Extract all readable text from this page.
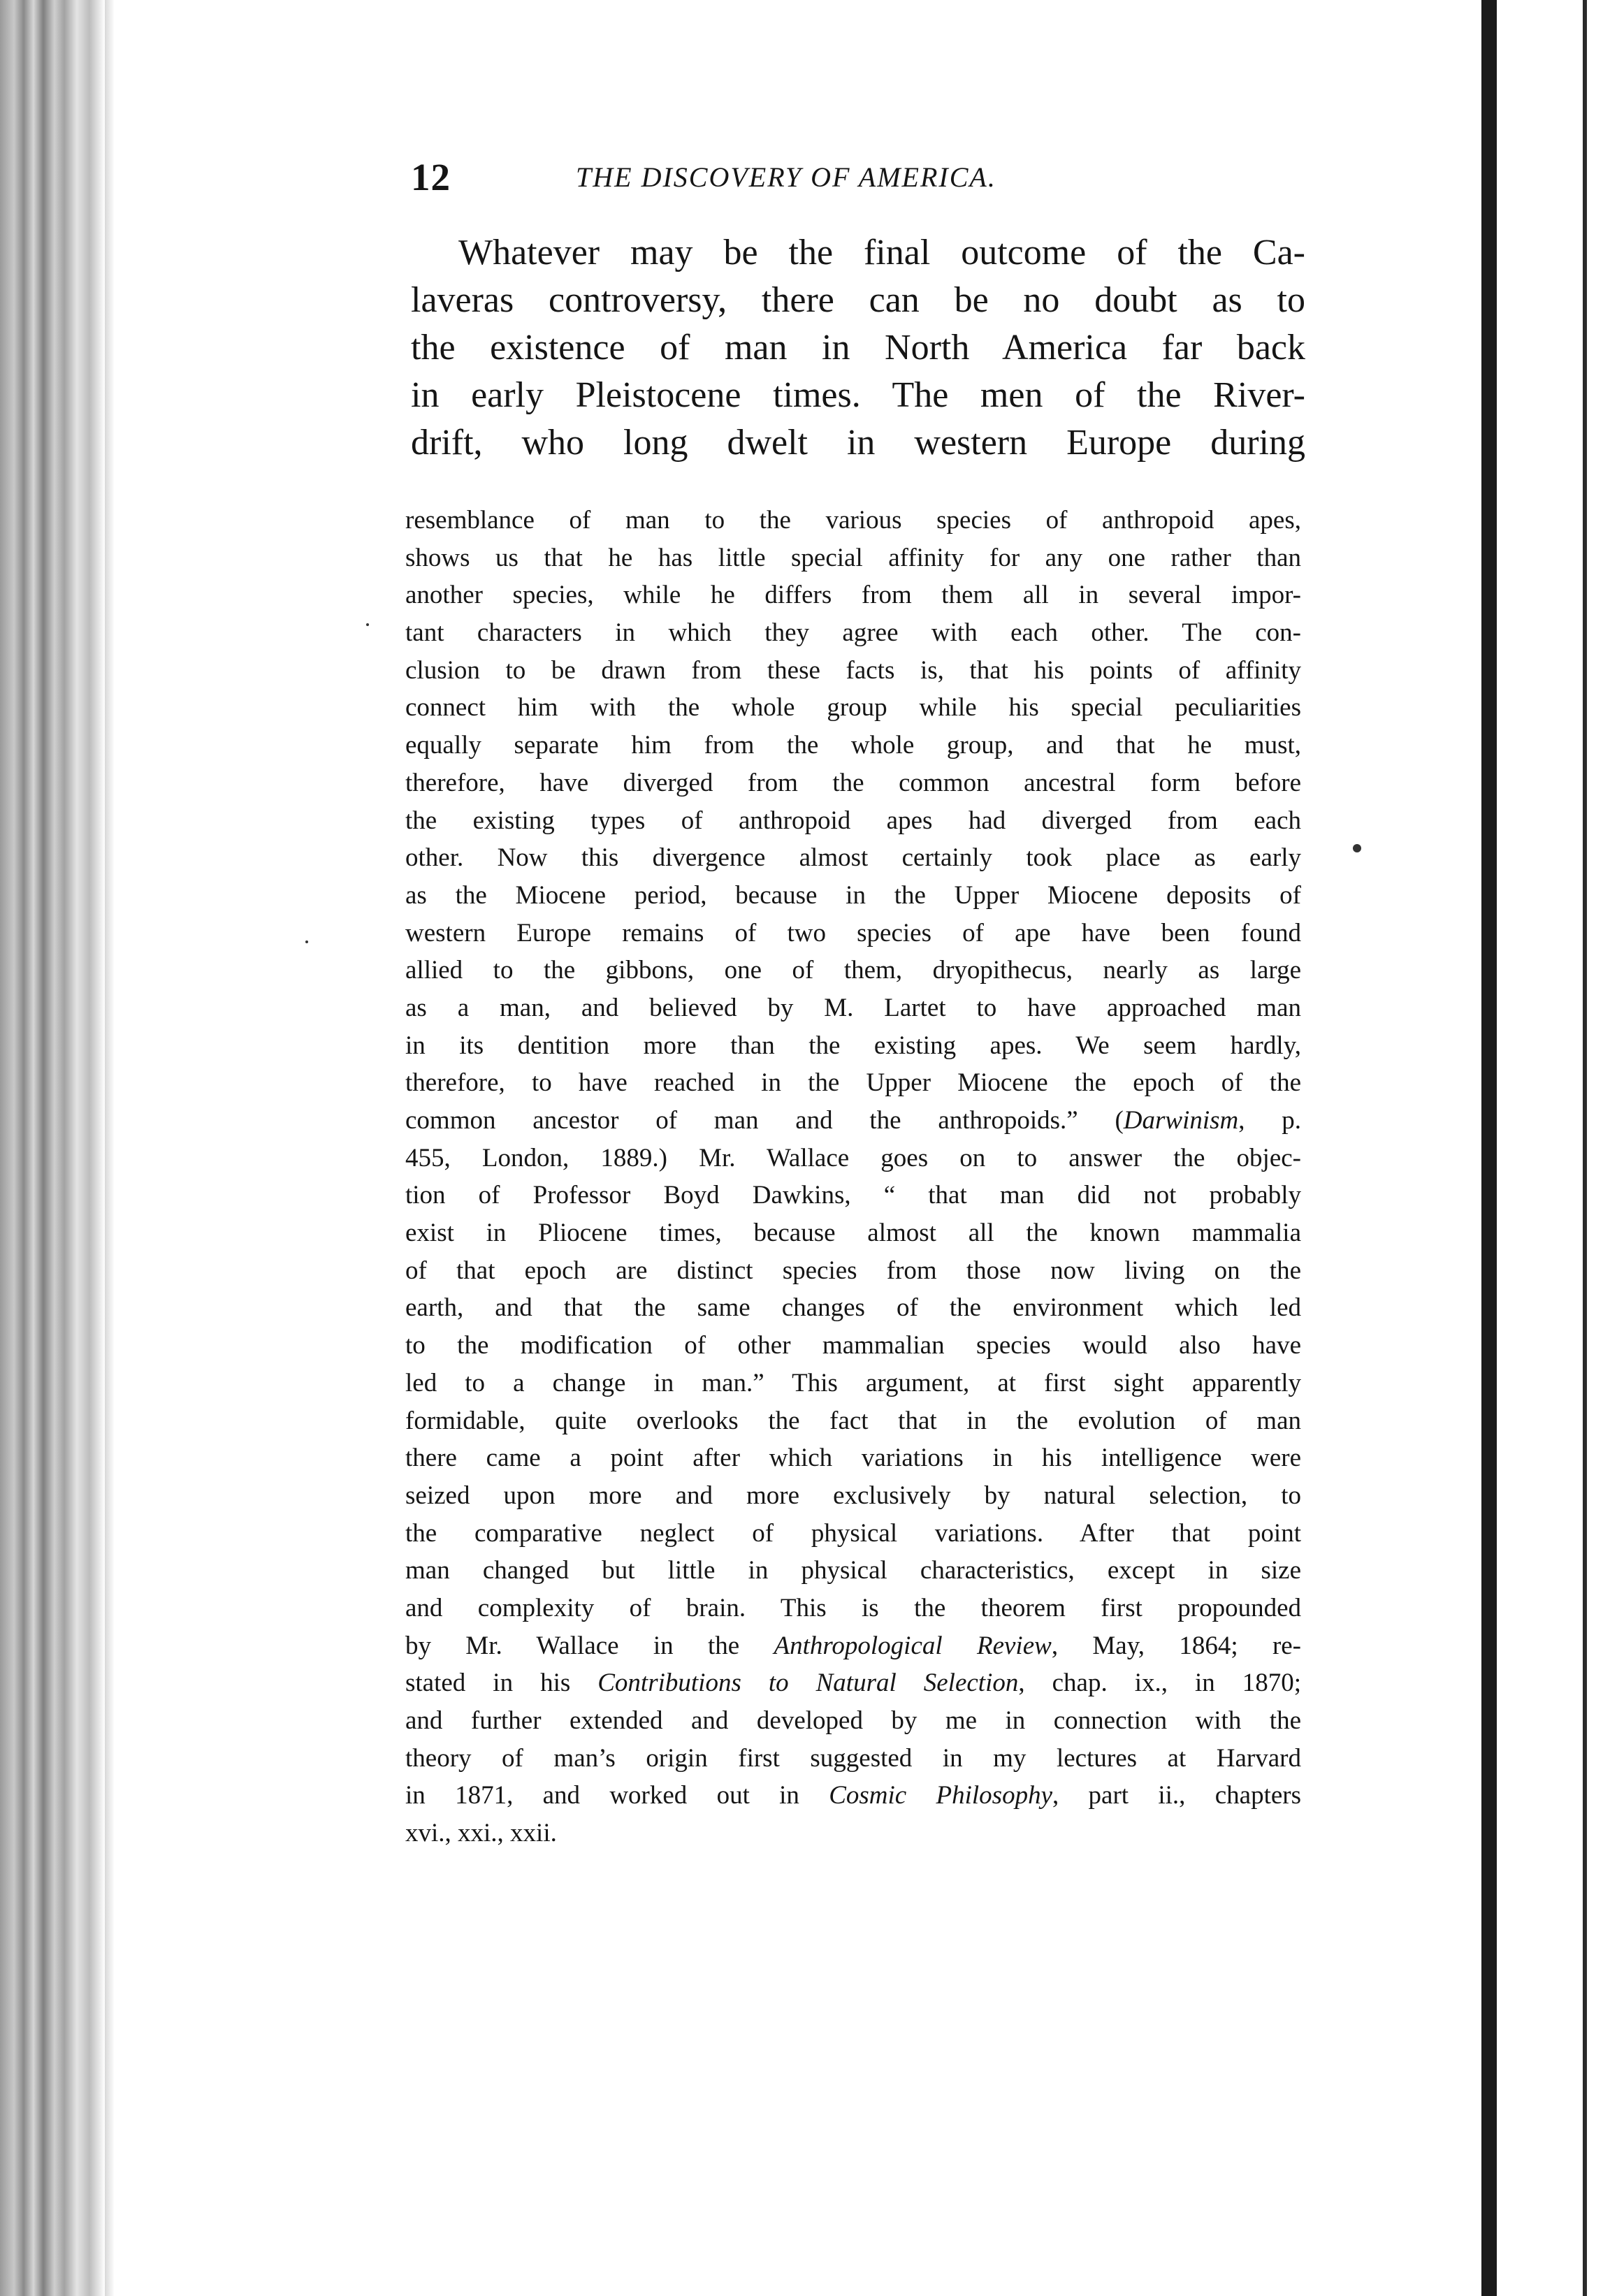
12	THE DISCOVERY OF AMERICA.
Whatever may be the final outcome of the Ca-
laveras controversy, there can be no doubt as to
the existence of man in North America far back
in early Pleistocene times. The men of the River-
drift, who long dwelt in western Europe during
resemblance of man to the various species of anthropoid apes,
shows us that he has little special affinity for any one rather than
another species, while he differs from them all in several impor-
tant characters in which they agree with each other. The con-
clusion to be drawn from these facts is, that his points of affinity
connect him with the whole group while his special peculiarities
equally separate him from the whole group, and that he must,
therefore, have diverged from the common ancestral form before
the existing types of anthropoid apes had diverged from each
other. Now this divergence almost certainly took place as early
as the Miocene period, because in the Upper Miocene deposits of
western Europe remains of two species of ape have been found
allied to the gibbons, one of them, dryopithecus, nearly as large
as a man, and believed by M. Lartet to have approached man
in its dentition more than the existing apes. We seem hardly,
therefore, to have reached in the Upper Miocene the epoch of the
common ancestor of man and the anthropoids.” (Darwinism, p.
455, London, 1889.) Mr. Wallace goes on to answer the objec-
tion of Professor Boyd Dawkins, “ that man did not probably
exist in Pliocene times, because almost all the known mammalia
of that epoch are distinct species from those now living on the
earth, and that the same changes of the environment which led
to the modification of other mammalian species would also have
led to a change in man.” This argument, at first sight apparently
formidable, quite overlooks the fact that in the evolution of man
there came a point after which variations in his intelligence were
seized upon more and more exclusively by natural selection, to
the comparative neglect of physical variations. After that point
man changed but little in physical characteristics, except in size
and complexity of brain. This is the theorem first propounded
by Mr. Wallace in the Anthropological Review, May, 1864; re-
stated in his Contributions to Natural Selection, chap. ix., in 1870;
and further extended and developed by me in connection with the
theory of man’s origin first suggested in my lectures at Harvard
in 1871, and worked out in Cosmic Philosophy, part ii., chapters
xvi., xxi., xxii.
